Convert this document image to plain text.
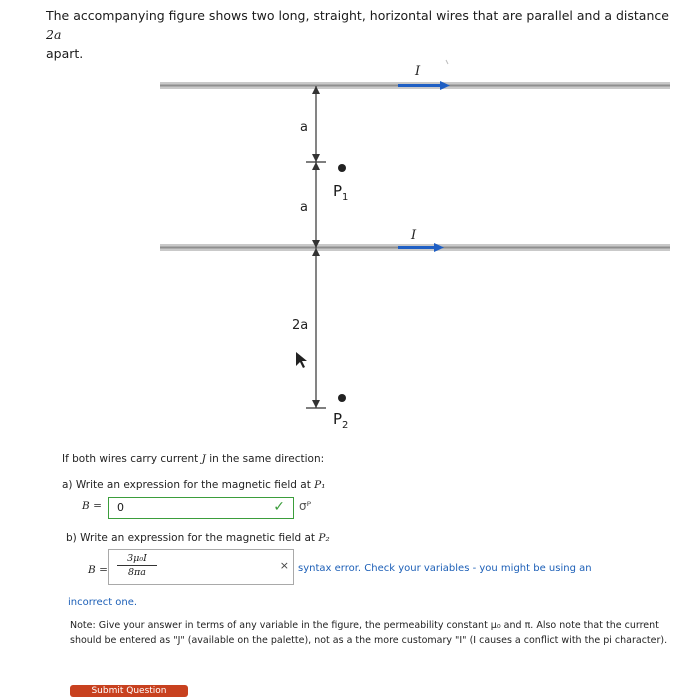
The accompanying figure shows two long, straight, horizontal wires that are parallel and a distance 2a
apart.
I
I
a
a
2a
$P_1$
$P_2$
If both wires carry current J in the same direction:
a) Write an expression for the magnetic field at P₁
B = 0	✓ σᴾ
b) Write an expression for the magnetic field at P₂
$B = \frac{\text{3μ₀I}}{8\pi a}$	× syntax error. Check your variables - you might be using an
incorrect one.
Note: Give your answer in terms of any variable in the figure, the permeability constant μ₀ and π. Also note that the current should be entered as "J" (available on the palette), not as a the more customary "I" (I causes a conflict with the pi character).
Submit Question
